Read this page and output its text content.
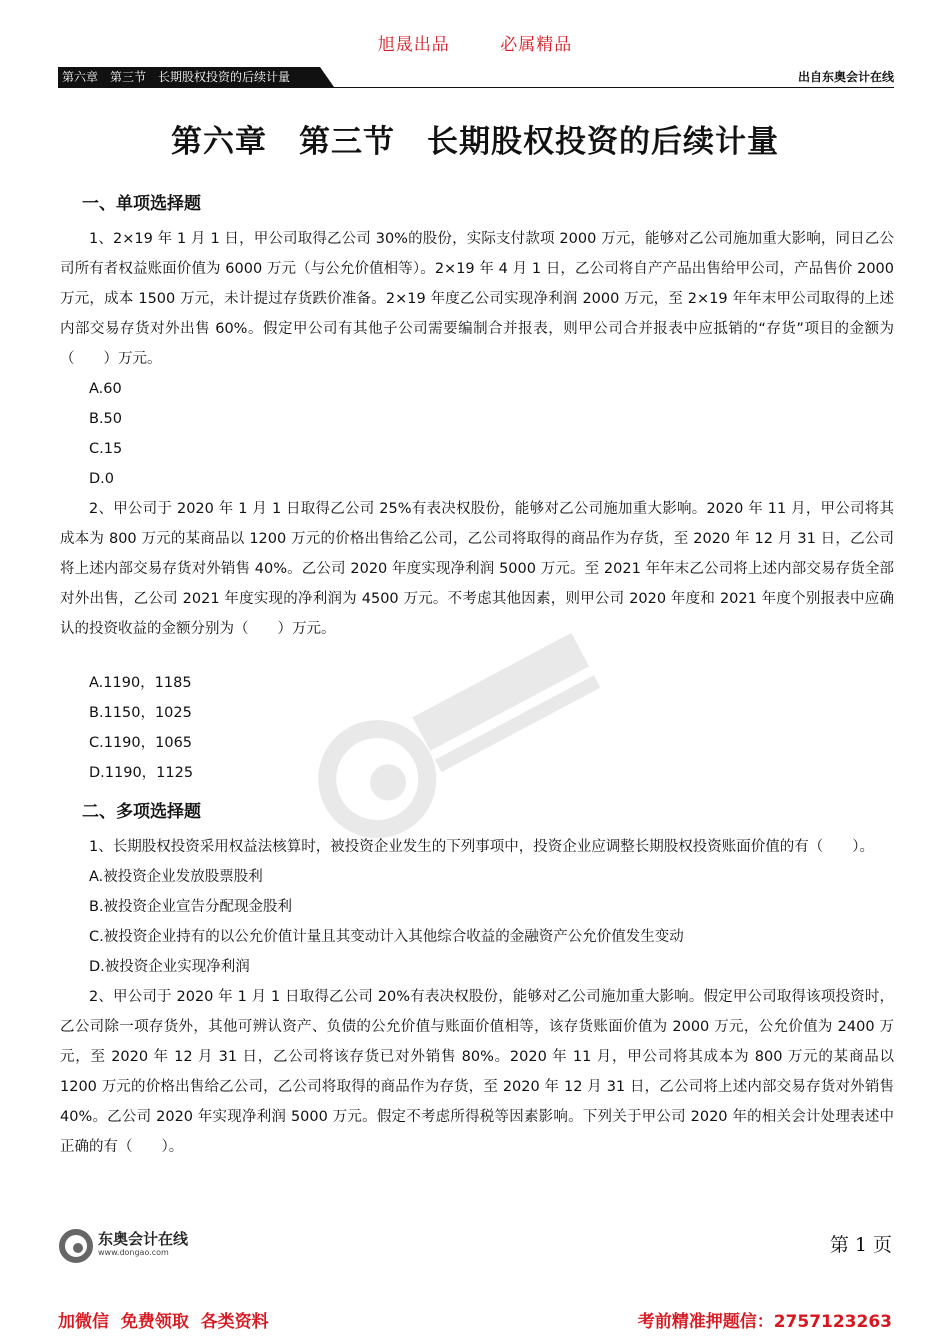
旭晟出品	必属精品
第六章　第三节　长期股权投资的后续计量	出自东奥会计在线
第六章　第三节　长期股权投资的后续计量
一、单项选择题

1、2×19 年 1 月 1 日，甲公司取得乙公司 30%的股份，实际支付款项 2000 万元，能够对乙公司施加重大影响，同日乙公司所有者权益账面价值为 6000 万元（与公允价值相等）。2×19 年 4 月 1 日，乙公司将自产产品出售给甲公司，产品售价 2000 万元，成本 1500 万元，未计提过存货跌价准备。2×19 年度乙公司实现净利润 2000 万元，至 2×19 年年末甲公司取得的上述内部交易存货对外出售 60%。假定甲公司有其他子公司需要编制合并报表，则甲公司合并报表中应抵销的“存货”项目的金额为（　　）万元。

A.60

B.50

C.15

D.0

2、甲公司于 2020 年 1 月 1 日取得乙公司 25%有表决权股份，能够对乙公司施加重大影响。2020 年 11 月，甲公司将其成本为 800 万元的某商品以 1200 万元的价格出售给乙公司，乙公司将取得的商品作为存货，至 2020 年 12 月 31 日，乙公司将上述内部交易存货对外销售 40%。乙公司 2020 年度实现净利润 5000 万元。至 2021 年年末乙公司将上述内部交易存货全部对外出售，乙公司 2021 年度实现的净利润为 4500 万元。不考虑其他因素，则甲公司 2020 年度和 2021 年度个别报表中应确认的投资收益的金额分别为（　　）万元。

A.1190，1185

B.1150，1025

C.1190，1065

D.1190，1125

二、多项选择题

1、长期股权投资采用权益法核算时，被投资企业发生的下列事项中，投资企业应调整长期股权投资账面价值的有（　　）。

A.被投资企业发放股票股利

B.被投资企业宣告分配现金股利

C.被投资企业持有的以公允价值计量且其变动计入其他综合收益的金融资产公允价值发生变动

D.被投资企业实现净利润

2、甲公司于 2020 年 1 月 1 日取得乙公司 20%有表决权股份，能够对乙公司施加重大影响。假定甲公司取得该项投资时，乙公司除一项存货外，其他可辨认资产、负债的公允价值与账面价值相等，该存货账面价值为 2000 万元，公允价值为 2400 万元，至 2020 年 12 月 31 日，乙公司将该存货已对外销售 80%。2020 年 11 月，甲公司将其成本为 800 万元的某商品以 1200 万元的价格出售给乙公司，乙公司将取得的商品作为存货，至 2020 年 12 月 31 日，乙公司将上述内部交易存货对外销售 40%。乙公司 2020 年实现净利润 5000 万元。假定不考虑所得税等因素影响。下列关于甲公司 2020 年的相关会计处理表述中正确的有（　　）。

东奥会计在线
www.dongao.com	第 1 页
加微信  免费领取  各类资料	考前精准押题信：2757123263
